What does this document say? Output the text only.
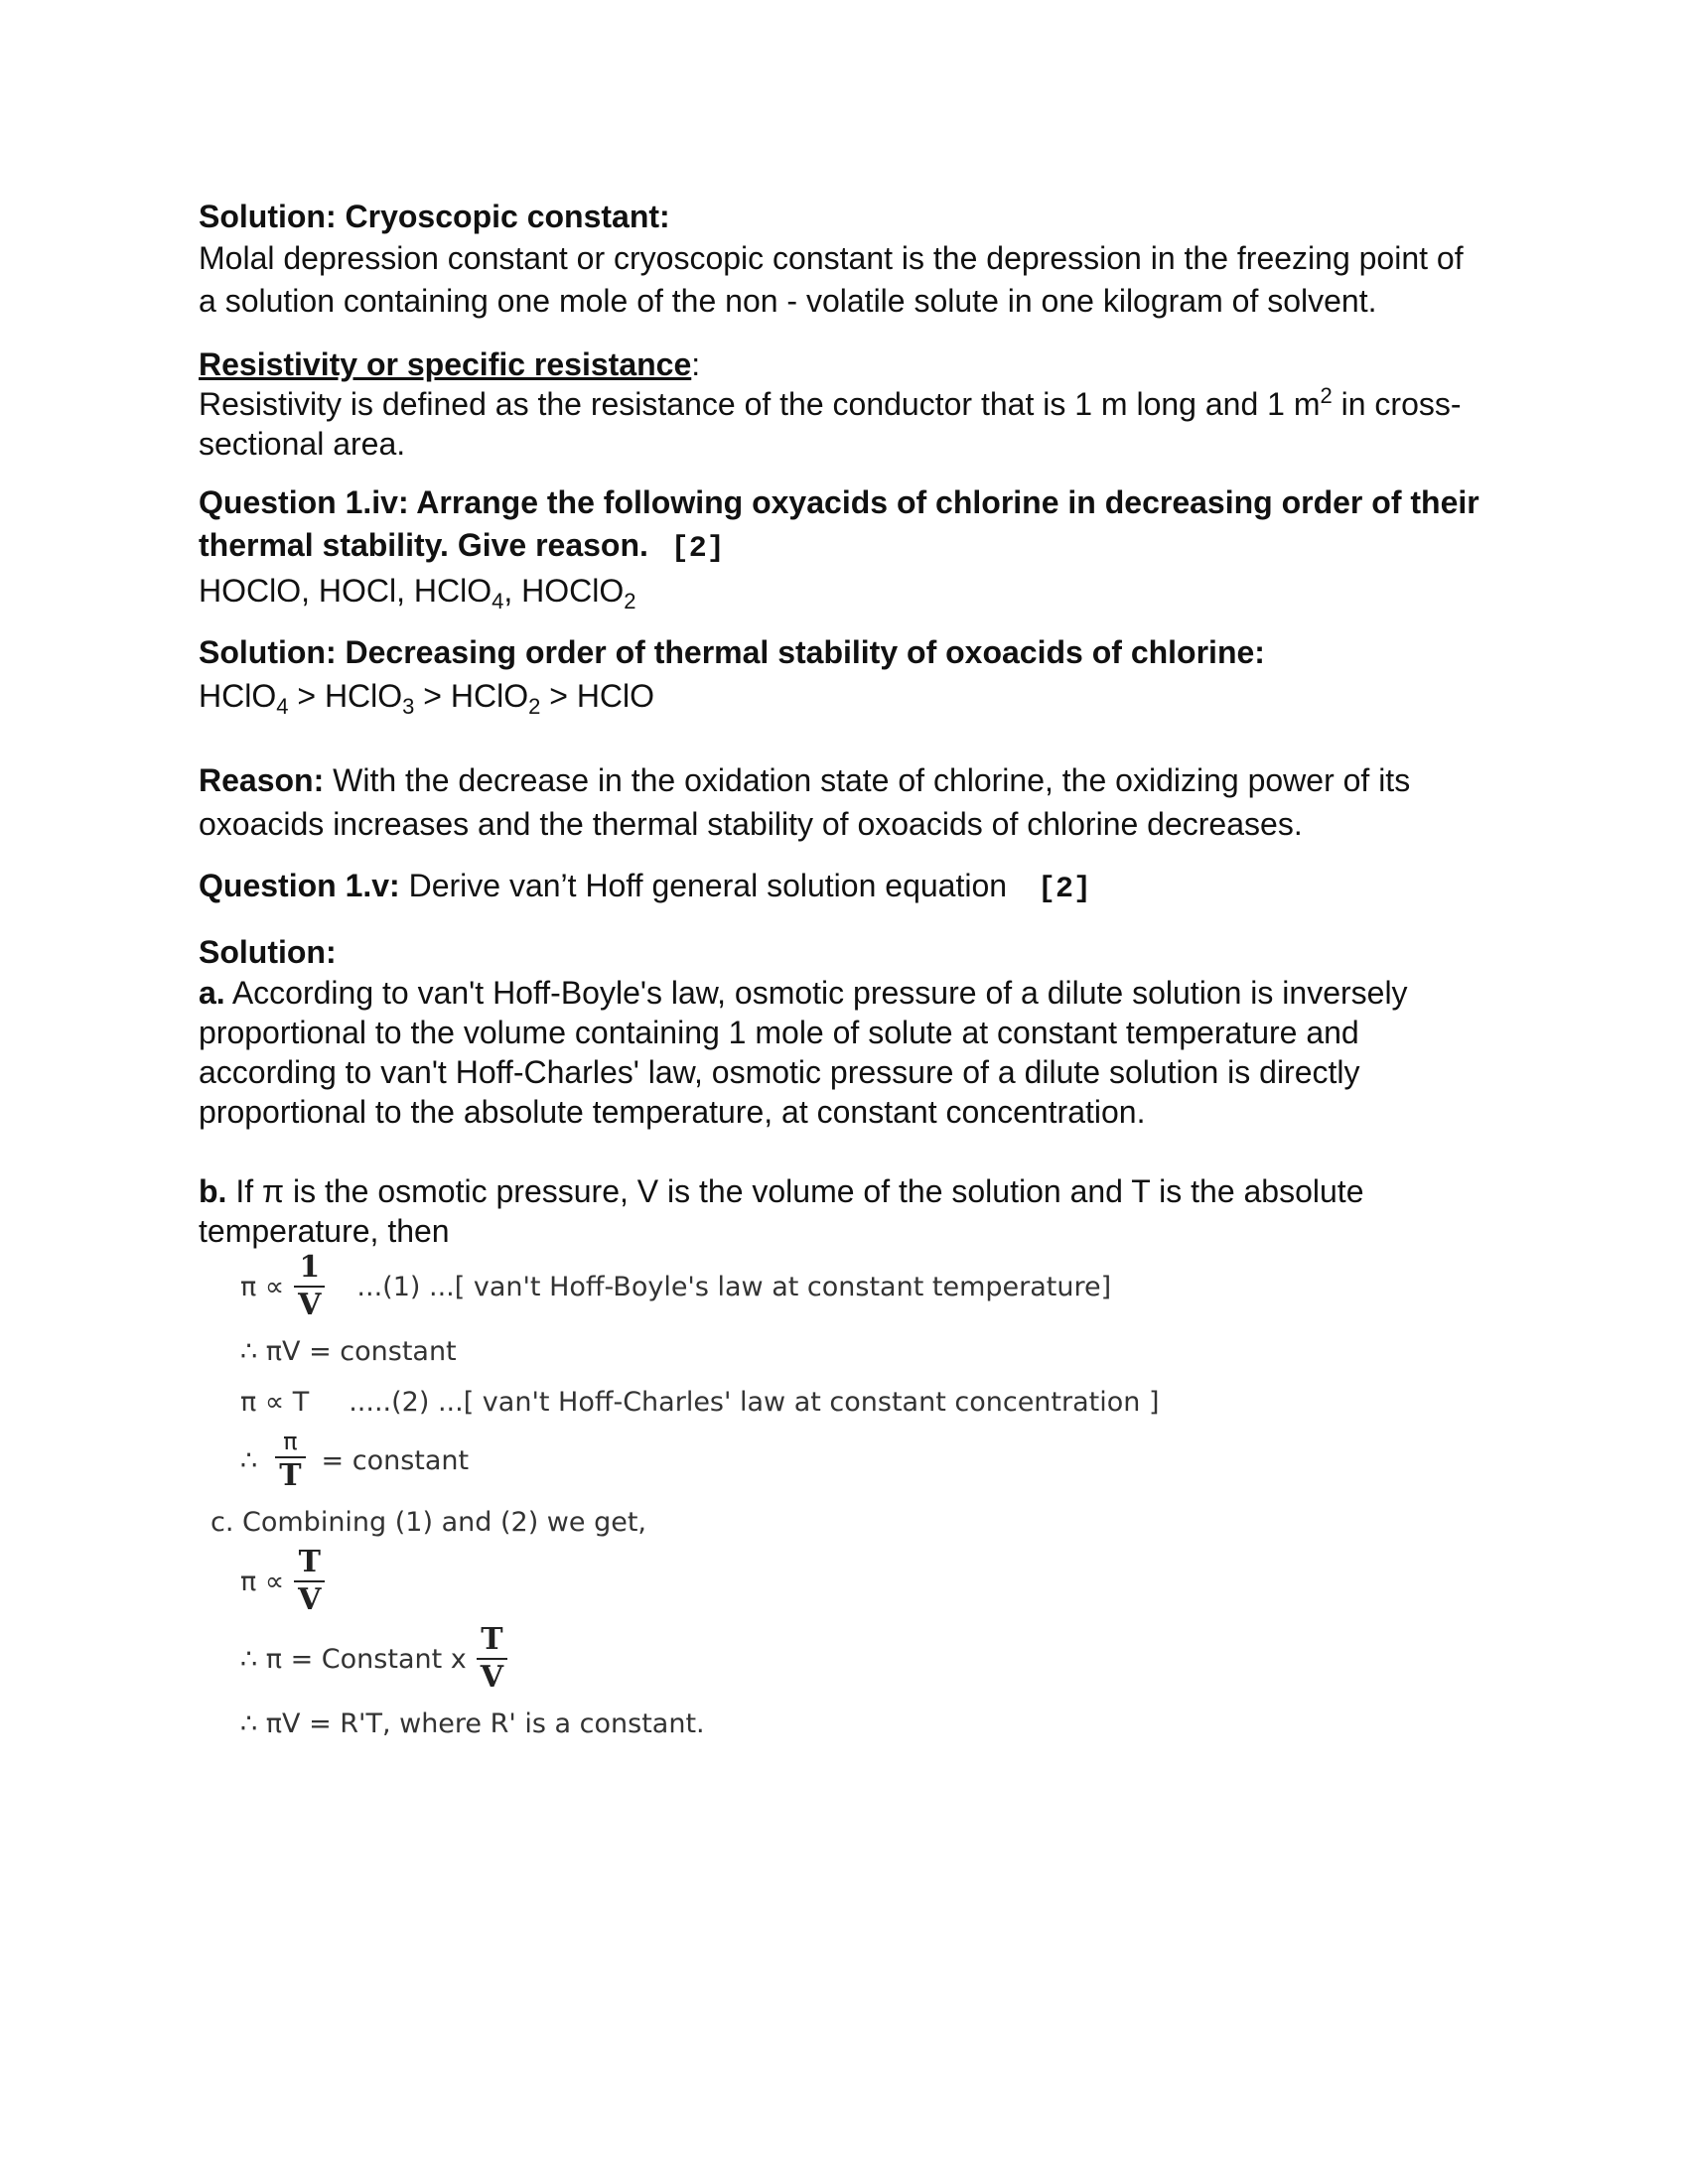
Solution: Cryoscopic constant:

Molal depression constant or cryoscopic constant is the depression in the freezing point of a solution containing one mole of the non - volatile solute in one kilogram of solvent.

Resistivity or specific resistance:

Resistivity is defined as the resistance of the conductor that is 1 m long and 1 $m^2$ in cross-sectional area.

Question 1.iv: Arrange the following oxyacids of chlorine in decreasing order of their thermal stability. Give reason. [2]

HOClO, HOCl, HClO$_4$, HOClO$_2$

Solution: Decreasing order of thermal stability of oxoacids of chlorine:

HClO$_4$ > HClO$_3$ > HClO$_2$ > HClO

Reason: With the decrease in the oxidation state of chlorine, the oxidizing power of its oxoacids increases and the thermal stability of oxoacids of chlorine decreases.

Question 1.v: Derive van’t Hoff general solution equation [2]

Solution:

a. According to van't Hoff-Boyle's law, osmotic pressure of a dilute solution is inversely proportional to the volume containing 1 mole of solute at constant temperature and according to van't Hoff-Charles' law, osmotic pressure of a dilute solution is directly proportional to the absolute temperature, at constant concentration.

b. If π is the osmotic pressure, V is the volume of the solution and T is the absolute temperature, then

$\pi \propto \frac{1}{V} ...(1)$ ...[ van't Hoff-Boyle's law at constant temperature]
∴ πV = constant
π ∝ T .....(2) ...[ van't Hoff-Charles' law at constant concentration ]
∴ $\frac{\pi}{T}$ = constant
c. Combining (1) and (2) we get,
$\pi \propto \frac{T}{V}$
∴ π = Constant x $\frac{T}{V}$
∴ πV = R'T, where R' is a constant.
